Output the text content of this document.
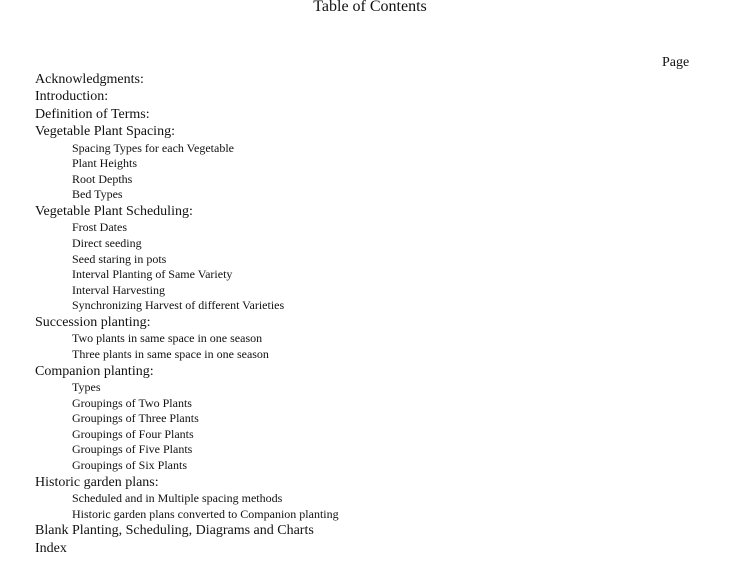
Table of Contents
Page
Acknowledgments:
Introduction:
Definition of Terms:
Vegetable Plant Spacing:
Spacing Types for each Vegetable
Plant Heights
Root Depths
Bed Types
Vegetable Plant Scheduling:
Frost Dates
Direct seeding
Seed staring in pots
Interval Planting of Same Variety
Interval Harvesting
Synchronizing Harvest of different Varieties
Succession planting:
Two plants in same space in one season
Three plants in same space in one season
Companion planting:
Types
Groupings of Two Plants
Groupings of Three Plants
Groupings of Four Plants
Groupings of Five Plants
Groupings of Six Plants
Historic garden plans:
Scheduled and in Multiple spacing methods
Historic garden plans converted to Companion planting
Blank Planting, Scheduling, Diagrams and Charts
Index
